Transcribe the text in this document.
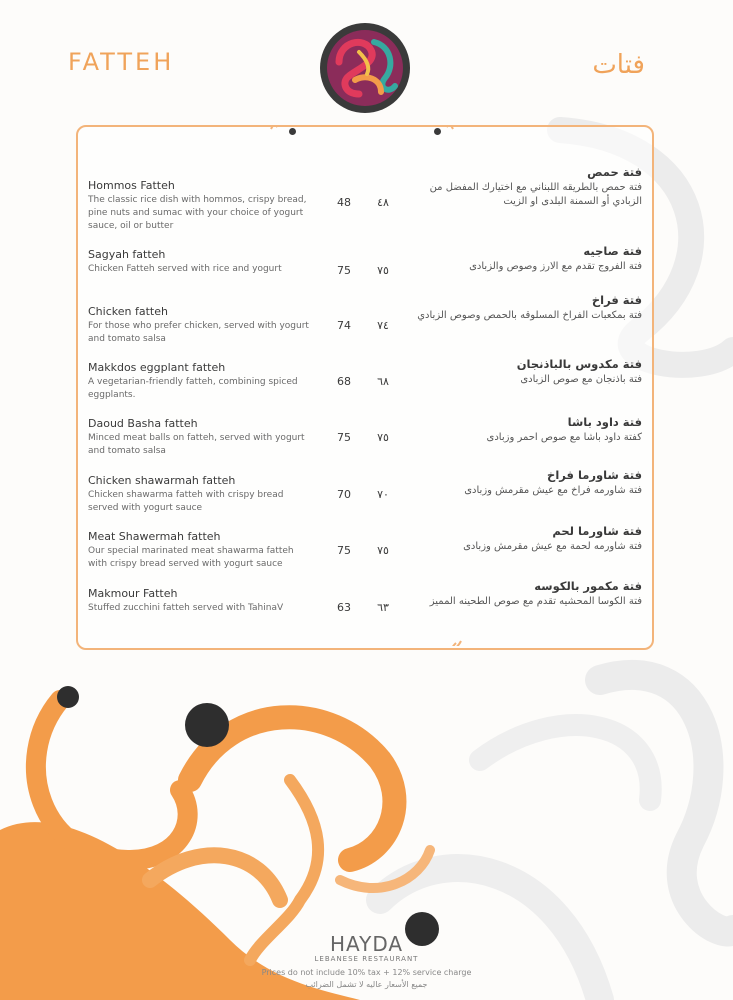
FATTEH	فتات
Hommos Fatteh
The classic rice dish with hommos, crispy bread, pine nuts and sumac with your choice of yogurt sauce, oil or butter
48	٤٨
فتة حمص
فتة حمص بالطريقه اللبناني مع اختيارك المفضل من الزبادي أو السمنة البلدى او الزيت
Sagyah fatteh
Chicken Fatteh served with rice and yogurt	75	٧٥
فتة صاجيه
فتة الفروج تقدم مع الارز وصوص والزبادى
Chicken fatteh
For those who prefer chicken, served with yogurt and tomato salsa
74	٧٤
فتة فراخ
فتة بمكعبات الفراخ المسلوقه بالحمص وصوص الزبادي
Makkdos eggplant fatteh
A vegetarian-friendly fatteh, combining spiced eggplants.
68	٦٨
فتة مكدوس بالباذنجان
فتة باذنجان مع صوص الزبادى
Daoud Basha fatteh
Minced meat balls on fatteh, served with yogurt and tomato salsa
75	٧٥
فتة داود باشا
كفتة داود باشا مع صوص احمر وزبادى
Chicken shawarmah fatteh
Chicken shawarma fatteh with crispy bread served with yogurt sauce
70	٧٠
فتة شاورما فراخ
فتة شاورمه فراخ مع عيش مقرمش وزبادى
Meat Shawermah fatteh
Our special marinated meat shawarma fatteh with crispy bread served with yogurt sauce
75	٧٥
فتة شاورما لحم
فتة شاورمه لحمة مع عيش مقرمش وزبادى
Makmour Fatteh
Stuffed zucchini fatteh served with TahinaV	63	٦٣
فتة مكمور بالكوسه
فتة الكوسا المحشيه تقدم مع صوص الطحينه المميز
HAYDA
LEBANESE RESTAURANT
Prices do not include 10% tax + 12% service charge
جميع الأسعار عاليه لا تشمل الضرائب
